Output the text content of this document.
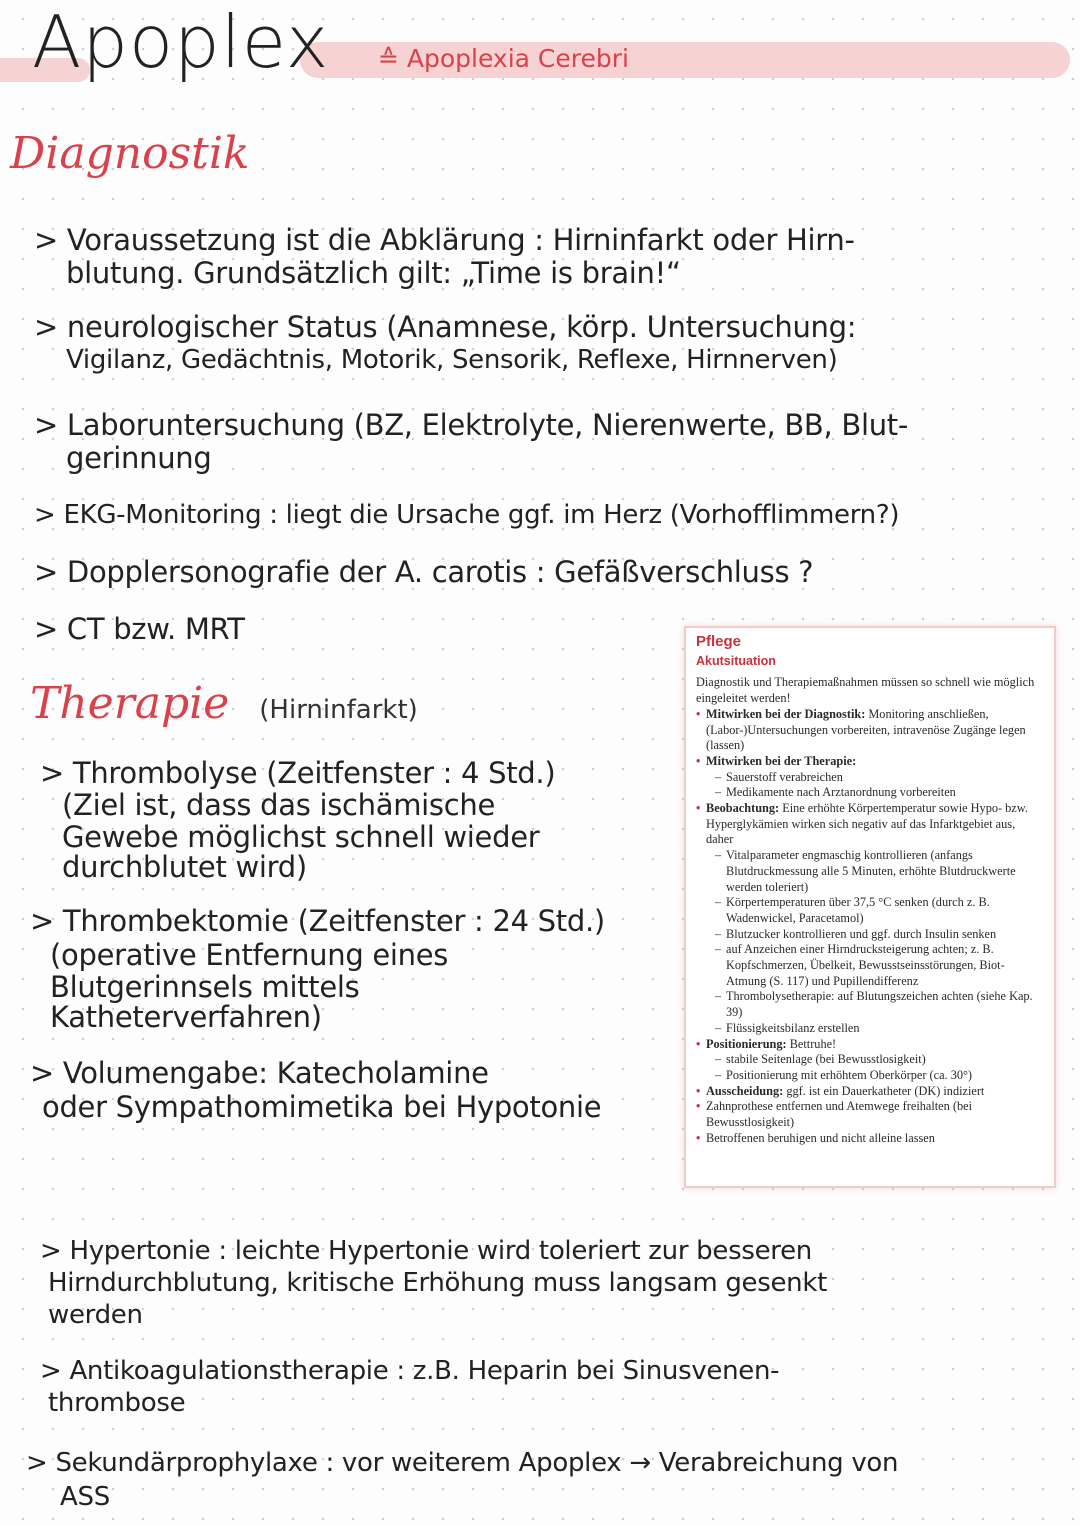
Apoplex ≙ Apoplexia Cerebri
Diagnostik
> Voraussetzung ist die Abklärung : Hirninfarkt oder Hirn-
blutung. Grundsätzlich gilt: „Time is brain!“
> neurologischer Status (Anamnese, körp. Untersuchung:
Vigilanz, Gedächtnis, Motorik, Sensorik, Reflexe, Hirnnerven)
> Laboruntersuchung (BZ, Elektrolyte, Nierenwerte, BB, Blut-
gerinnung
> EKG-Monitoring : liegt die Ursache ggf. im Herz (Vorhofflimmern?)
> Dopplersonografie der A. carotis : Gefäßverschluss ?
> CT bzw. MRT
Therapie (Hirninfarkt)
> Thrombolyse (Zeitfenster : 4 Std.)
(Ziel ist, dass das ischämische
Gewebe möglichst schnell wieder
durchblutet wird)
> Thrombektomie (Zeitfenster : 24 Std.)
(operative Entfernung eines
Blutgerinnsels mittels
Katheterverfahren)
> Volumengabe: Katecholamine
oder Sympathomimetika bei Hypotonie
Pflege
Akutsituation
Diagnostik und Therapiemaßnahmen müssen so schnell wie möglich eingeleitet werden!
• Mitwirken bei der Diagnostik: Monitoring anschließen, (Labor-)Untersuchungen vorbereiten, intravenöse Zugänge legen (lassen)
• Mitwirken bei der Therapie:
– Sauerstoff verabreichen
– Medikamente nach Arztanordnung vorbereiten
• Beobachtung: Eine erhöhte Körpertemperatur sowie Hypo- bzw. Hyperglykämien wirken sich negativ auf das Infarktgebiet aus, daher
– Vitalparameter engmaschig kontrollieren (anfangs Blutdruckmessung alle 5 Minuten, erhöhte Blutdruckwerte werden toleriert)
– Körpertemperaturen über 37,5 °C senken (durch z. B. Wadenwickel, Paracetamol)
– Blutzucker kontrollieren und ggf. durch Insulin senken
– auf Anzeichen einer Hirndrucksteigerung achten; z. B. Kopfschmerzen, Übelkeit, Bewusstseinsstörungen, Biot-Atmung (S. 117) und Pupillendifferenz
– Thrombolysetherapie: auf Blutungszeichen achten (siehe Kap. 39)
– Flüssigkeitsbilanz erstellen
• Positionierung: Bettruhe!
– stabile Seitenlage (bei Bewusstlosigkeit)
– Positionierung mit erhöhtem Oberkörper (ca. 30°)
• Ausscheidung: ggf. ist ein Dauerkatheter (DK) indiziert
• Zahnprothese entfernen und Atemwege freihalten (bei Bewusstlosigkeit)
• Betroffenen beruhigen und nicht alleine lassen
> Hypertonie : leichte Hypertonie wird toleriert zur besseren
Hirndurchblutung, kritische Erhöhung muss langsam gesenkt
werden
> Antikoagulationstherapie : z.B. Heparin bei Sinusvenen-
thrombose
> Sekundärprophylaxe : vor weiterem Apoplex → Verabreichung von
ASS
